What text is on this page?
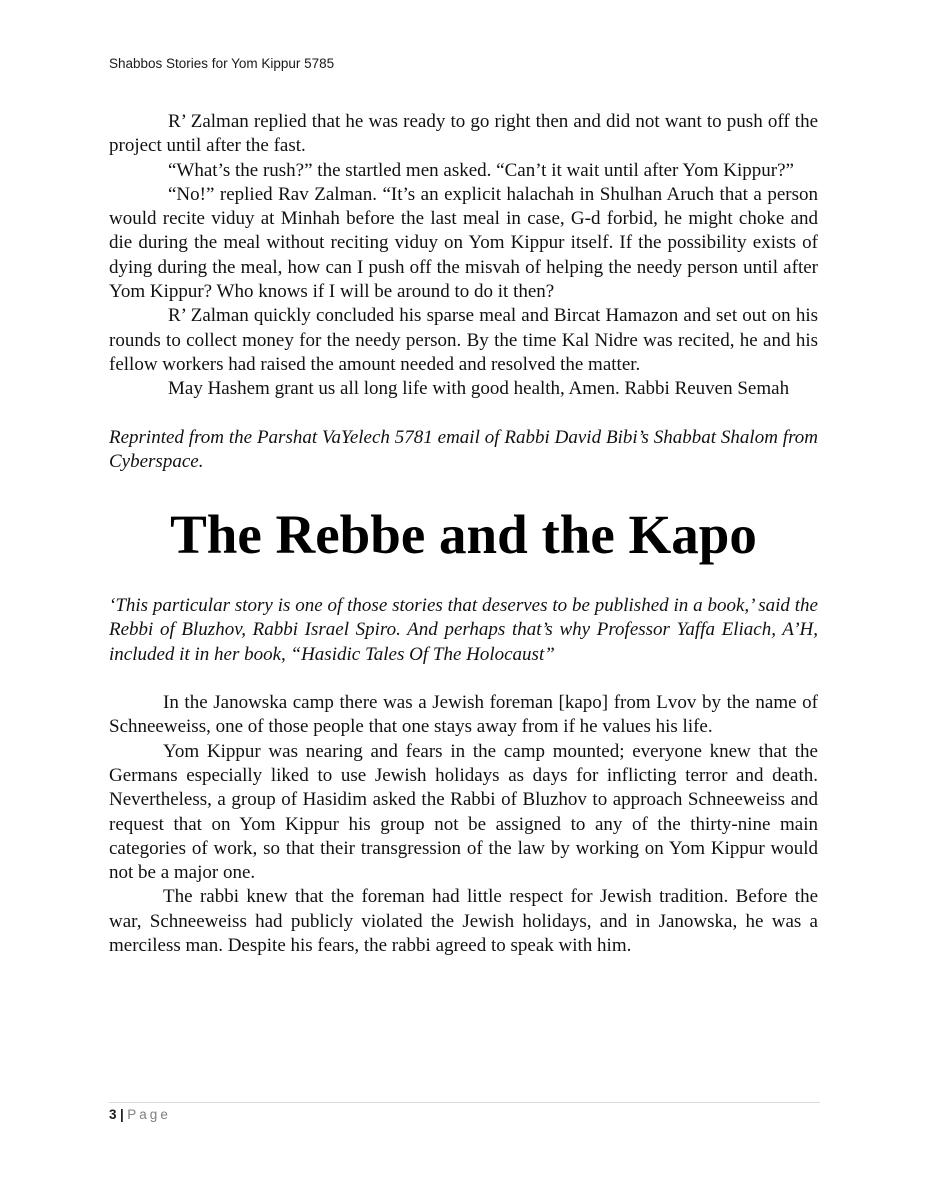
Shabbos Stories for Yom Kippur 5785

R’ Zalman replied that he was ready to go right then and did not want to push off the project until after the fast.

“What’s the rush?” the startled men asked. “Can’t it wait until after Yom Kippur?”

“No!” replied Rav Zalman. “It’s an explicit halachah in Shulhan Aruch that a person would recite viduy at Minhah before the last meal in case, G-d forbid, he might choke and die during the meal without reciting viduy on Yom Kippur itself. If the possibility exists of dying during the meal, how can I push off the misvah of helping the needy person until after Yom Kippur? Who knows if I will be around to do it then?

R’ Zalman quickly concluded his sparse meal and Bircat Hamazon and set out on his rounds to collect money for the needy person. By the time Kal Nidre was recited, he and his fellow workers had raised the amount needed and resolved the matter.

May Hashem grant us all long life with good health, Amen. Rabbi Reuven Semah

Reprinted from the Parshat VaYelech 5781 email of Rabbi David Bibi’s Shabbat Shalom from Cyberspace.

The Rebbe and the Kapo

‘This particular story is one of those stories that deserves to be published in a book,’ said the Rebbi of Bluzhov, Rabbi Israel Spiro. And perhaps that’s why Professor Yaffa Eliach, A’H, included it in her book, “Hasidic Tales Of The Holocaust”

In the Janowska camp there was a Jewish foreman [kapo] from Lvov by the name of Schneeweiss, one of those people that one stays away from if he values his life.

Yom Kippur was nearing and fears in the camp mounted; everyone knew that the Germans especially liked to use Jewish holidays as days for inflicting terror and death. Nevertheless, a group of Hasidim asked the Rabbi of Bluzhov to approach Schneeweiss and request that on Yom Kippur his group not be assigned to any of the thirty-nine main categories of work, so that their transgression of the law by working on Yom Kippur would not be a major one.

The rabbi knew that the foreman had little respect for Jewish tradition. Before the war, Schneeweiss had publicly violated the Jewish holidays, and in Janowska, he was a merciless man. Despite his fears, the rabbi agreed to speak with him.

3 | Page
